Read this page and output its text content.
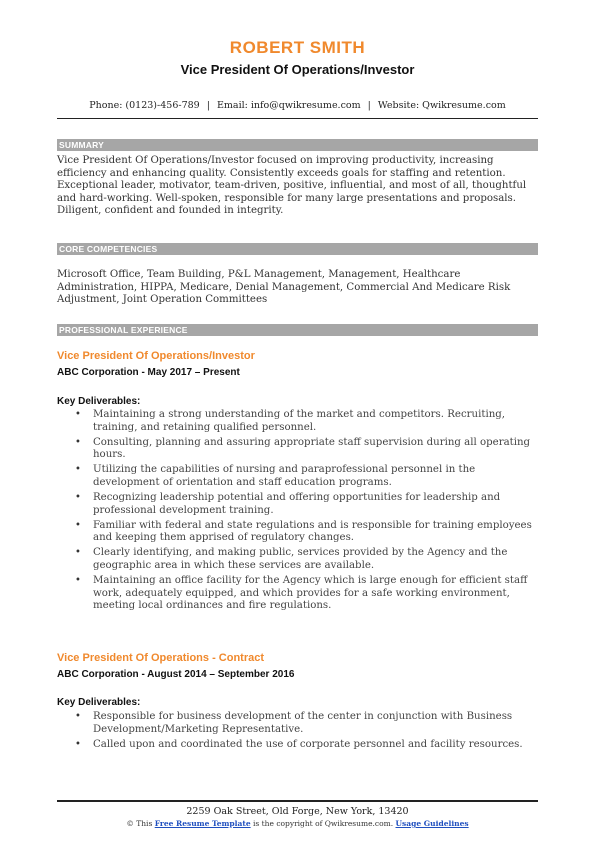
ROBERT SMITH
Vice President Of Operations/Investor
Phone: (0123)-456-789 | Email: info@qwikresume.com | Website: Qwikresume.com
SUMMARY
Vice President Of Operations/Investor focused on improving productivity, increasing efficiency and enhancing quality. Consistently exceeds goals for staffing and retention. Exceptional leader, motivator, team-driven, positive, influential, and most of all, thoughtful and hard-working. Well-spoken, responsible for many large presentations and proposals. Diligent, confident and founded in integrity.
CORE COMPETENCIES
Microsoft Office, Team Building, P&L Management, Management, Healthcare Administration, HIPPA, Medicare, Denial Management, Commercial And Medicare Risk Adjustment, Joint Operation Committees
PROFESSIONAL EXPERIENCE
Vice President Of Operations/Investor
ABC Corporation - May 2017 – Present
Key Deliverables:
• Maintaining a strong understanding of the market and competitors. Recruiting, training, and retaining qualified personnel.
• Consulting, planning and assuring appropriate staff supervision during all operating hours.
• Utilizing the capabilities of nursing and paraprofessional personnel in the development of orientation and staff education programs.
• Recognizing leadership potential and offering opportunities for leadership and professional development training.
• Familiar with federal and state regulations and is responsible for training employees and keeping them apprised of regulatory changes.
• Clearly identifying, and making public, services provided by the Agency and the geographic area in which these services are available.
• Maintaining an office facility for the Agency which is large enough for efficient staff work, adequately equipped, and which provides for a safe working environment, meeting local ordinances and fire regulations.
Vice President Of Operations - Contract
ABC Corporation - August 2014 – September 2016
Key Deliverables:
• Responsible for business development of the center in conjunction with Business Development/Marketing Representative.
• Called upon and coordinated the use of corporate personnel and facility resources.
2259 Oak Street, Old Forge, New York, 13420
© This Free Resume Template is the copyright of Qwikresume.com. Usage Guidelines
